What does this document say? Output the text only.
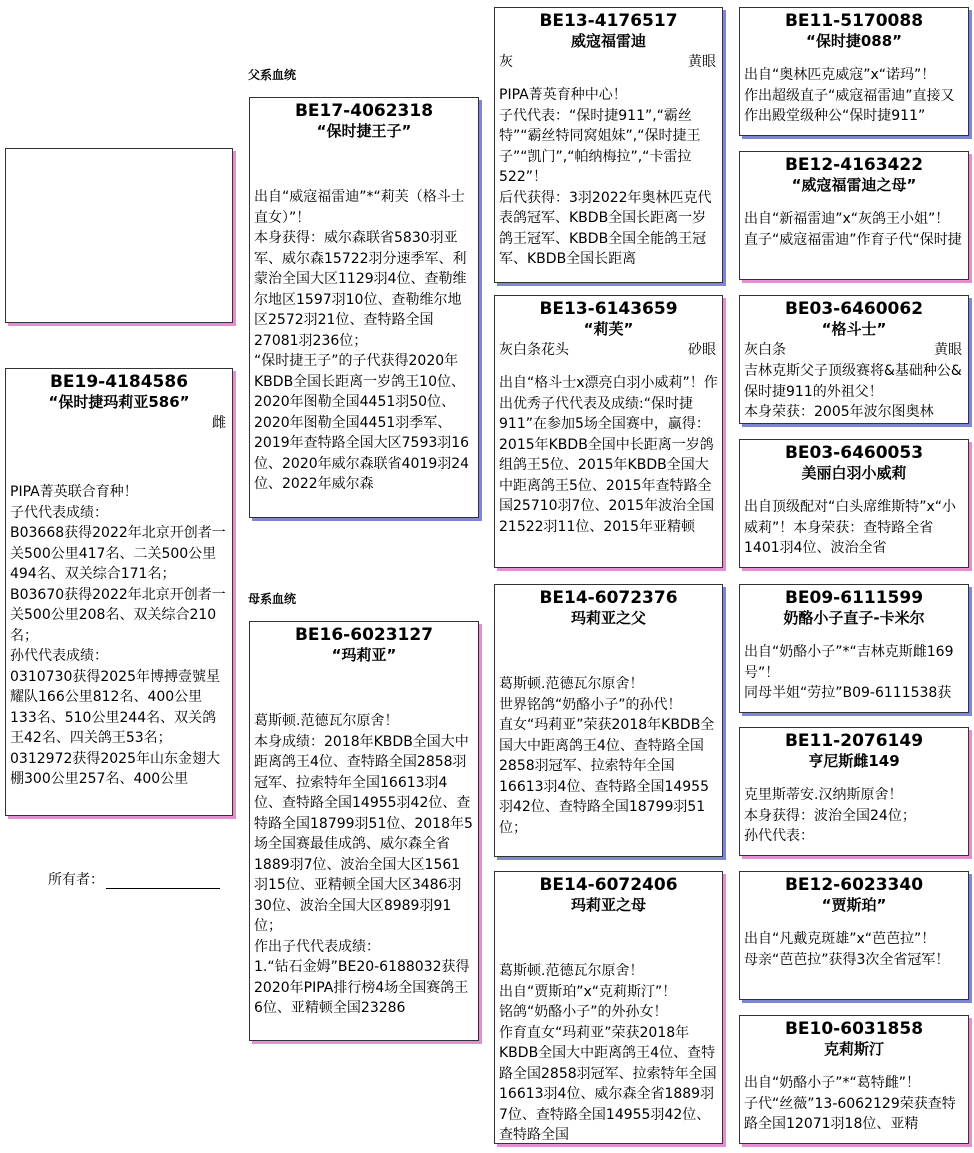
父系血统
母系血统
BE19-4184586
“保时捷玛莉亚586”
雌
PIPA菁英联合育种！
子代代表成绩：
B03668获得2022年北京开创者一关500公里417名、二关500公里494名、双关综合171名；
B03670获得2022年北京开创者一关500公里208名、双关综合210名；
孙代代表成绩：
0310730获得2025年博搏壹號星耀队166公里812名、400公里133名、510公里244名、双关鸽王42名、四关鸽王53名；
0312972获得2025年山东金翅大棚300公里257名、400公里
所有者：
BE17-4062318
“保时捷王子”
出自“威寇福雷迪”*“莉芙（格斗士直女）”！
本身获得：威尔森联省5830羽亚军、威尔森15722羽分速季军、利蒙治全国大区1129羽4位、查勒维尔地区1597羽10位、查勒维尔地区2572羽21位、查特路全国27081羽236位；
“保时捷王子”的子代获得2020年KBDB全国长距离一岁鸽王10位、2020年图勒全国4451羽50位、2020年图勒全国4451羽季军、2019年查特路全国大区7593羽16位、2020年威尔森联省4019羽24位、2022年威尔森
BE16-6023127
“玛莉亚”
葛斯顿.范德瓦尔原舍！
本身成绩：2018年KBDB全国大中距离鸽王4位、查特路全国2858羽冠军、拉索特年全国16613羽4位、查特路全国14955羽42位、查特路全国18799羽51位、2018年5场全国赛最佳成鸽、威尔森全省1889羽7位、波治全国大区1561羽15位、亚精顿全国大区3486羽30位、波治全国大区8989羽91位；
作出子代代表成绩：
1.“钻石金姆”BE20-6188032获得2020年PIPA排行榜4场全国赛鸽王6位、亚精顿全国23286
BE13-4176517
威寇福雷迪
灰	黄眼
PIPA菁英育种中心！
子代代表：“保时捷911”,“霸丝特”“霸丝特同窝姐妹”,“保时捷王子”“凯门”,“帕纳梅拉”,“卡雷拉522”！
后代获得：3羽2022年奥林匹克代表鸽冠军、KBDB全国长距离一岁鸽王冠军、KBDB全国全能鸽王冠军、KBDB全国长距离
BE13-6143659
“莉芙”
灰白条花头	砂眼
出自“格斗士x漂亮白羽小威莉”！作出优秀子代代表及成绩:“保时捷911”在参加5场全国赛中，赢得：2015年KBDB全国中长距离一岁鸽组鸽王5位、2015年KBDB全国大中距离鸽王5位、2015年查特路全国25710羽7位、2015年波治全国21522羽11位、2015年亚精顿
BE14-6072376
玛莉亚之父
葛斯顿.范德瓦尔原舍！
世界铭鸽“奶酪小子”的孙代！
直女“玛莉亚”荣获2018年KBDB全国大中距离鸽王4位、查特路全国2858羽冠军、拉索特年全国16613羽4位、查特路全国14955羽42位、查特路全国18799羽51位；
BE14-6072406
玛莉亚之母
葛斯顿.范德瓦尔原舍！
出自“贾斯珀”x“克莉斯汀”！
铭鸽“奶酪小子”的外孙女！
作育直女“玛莉亚”荣获2018年KBDB全国大中距离鸽王4位、查特路全国2858羽冠军、拉索特年全国16613羽4位、威尔森全省1889羽7位、查特路全国14955羽42位、查特路全国
BE11-5170088
“保时捷088”
出自“奥林匹克威寇”x“诺玛”！
作出超级直子“威寇福雷迪”直接又作出殿堂级种公“保时捷911”
BE12-4163422
“威寇福雷迪之母”
出自“新福雷迪”x“灰鸽王小姐”！
直子“威寇福雷迪”作育子代“保时捷
BE03-6460062
“格斗士”
灰白条	黄眼
吉林克斯父子顶级赛将&基础种公&保时捷911的外祖父！
本身荣获：2005年波尔图奥林
BE03-6460053
美丽白羽小威莉
出自顶级配对“白头席维斯特”x“小威莉”！本身荣获：查特路全省1401羽4位、波治全省
BE09-6111599
奶酪小子直子-卡米尔
出自“奶酪小子”*“吉林克斯雌169号”！
同母半姐“劳拉”B09-6111538获
BE11-2076149
亨尼斯雌149
克里斯蒂安.汉纳斯原舍！
本身获得：波治全国24位；
孙代代表：
BE12-6023340
“贾斯珀”
出自“凡戴克斑雄”x“芭芭拉”！
母亲“芭芭拉”获得3次全省冠军！
BE10-6031858
克莉斯汀
出自“奶酪小子”*“葛特雌”！
子代“丝薇”13-6062129荣获查特路全国12071羽18位、亚精
